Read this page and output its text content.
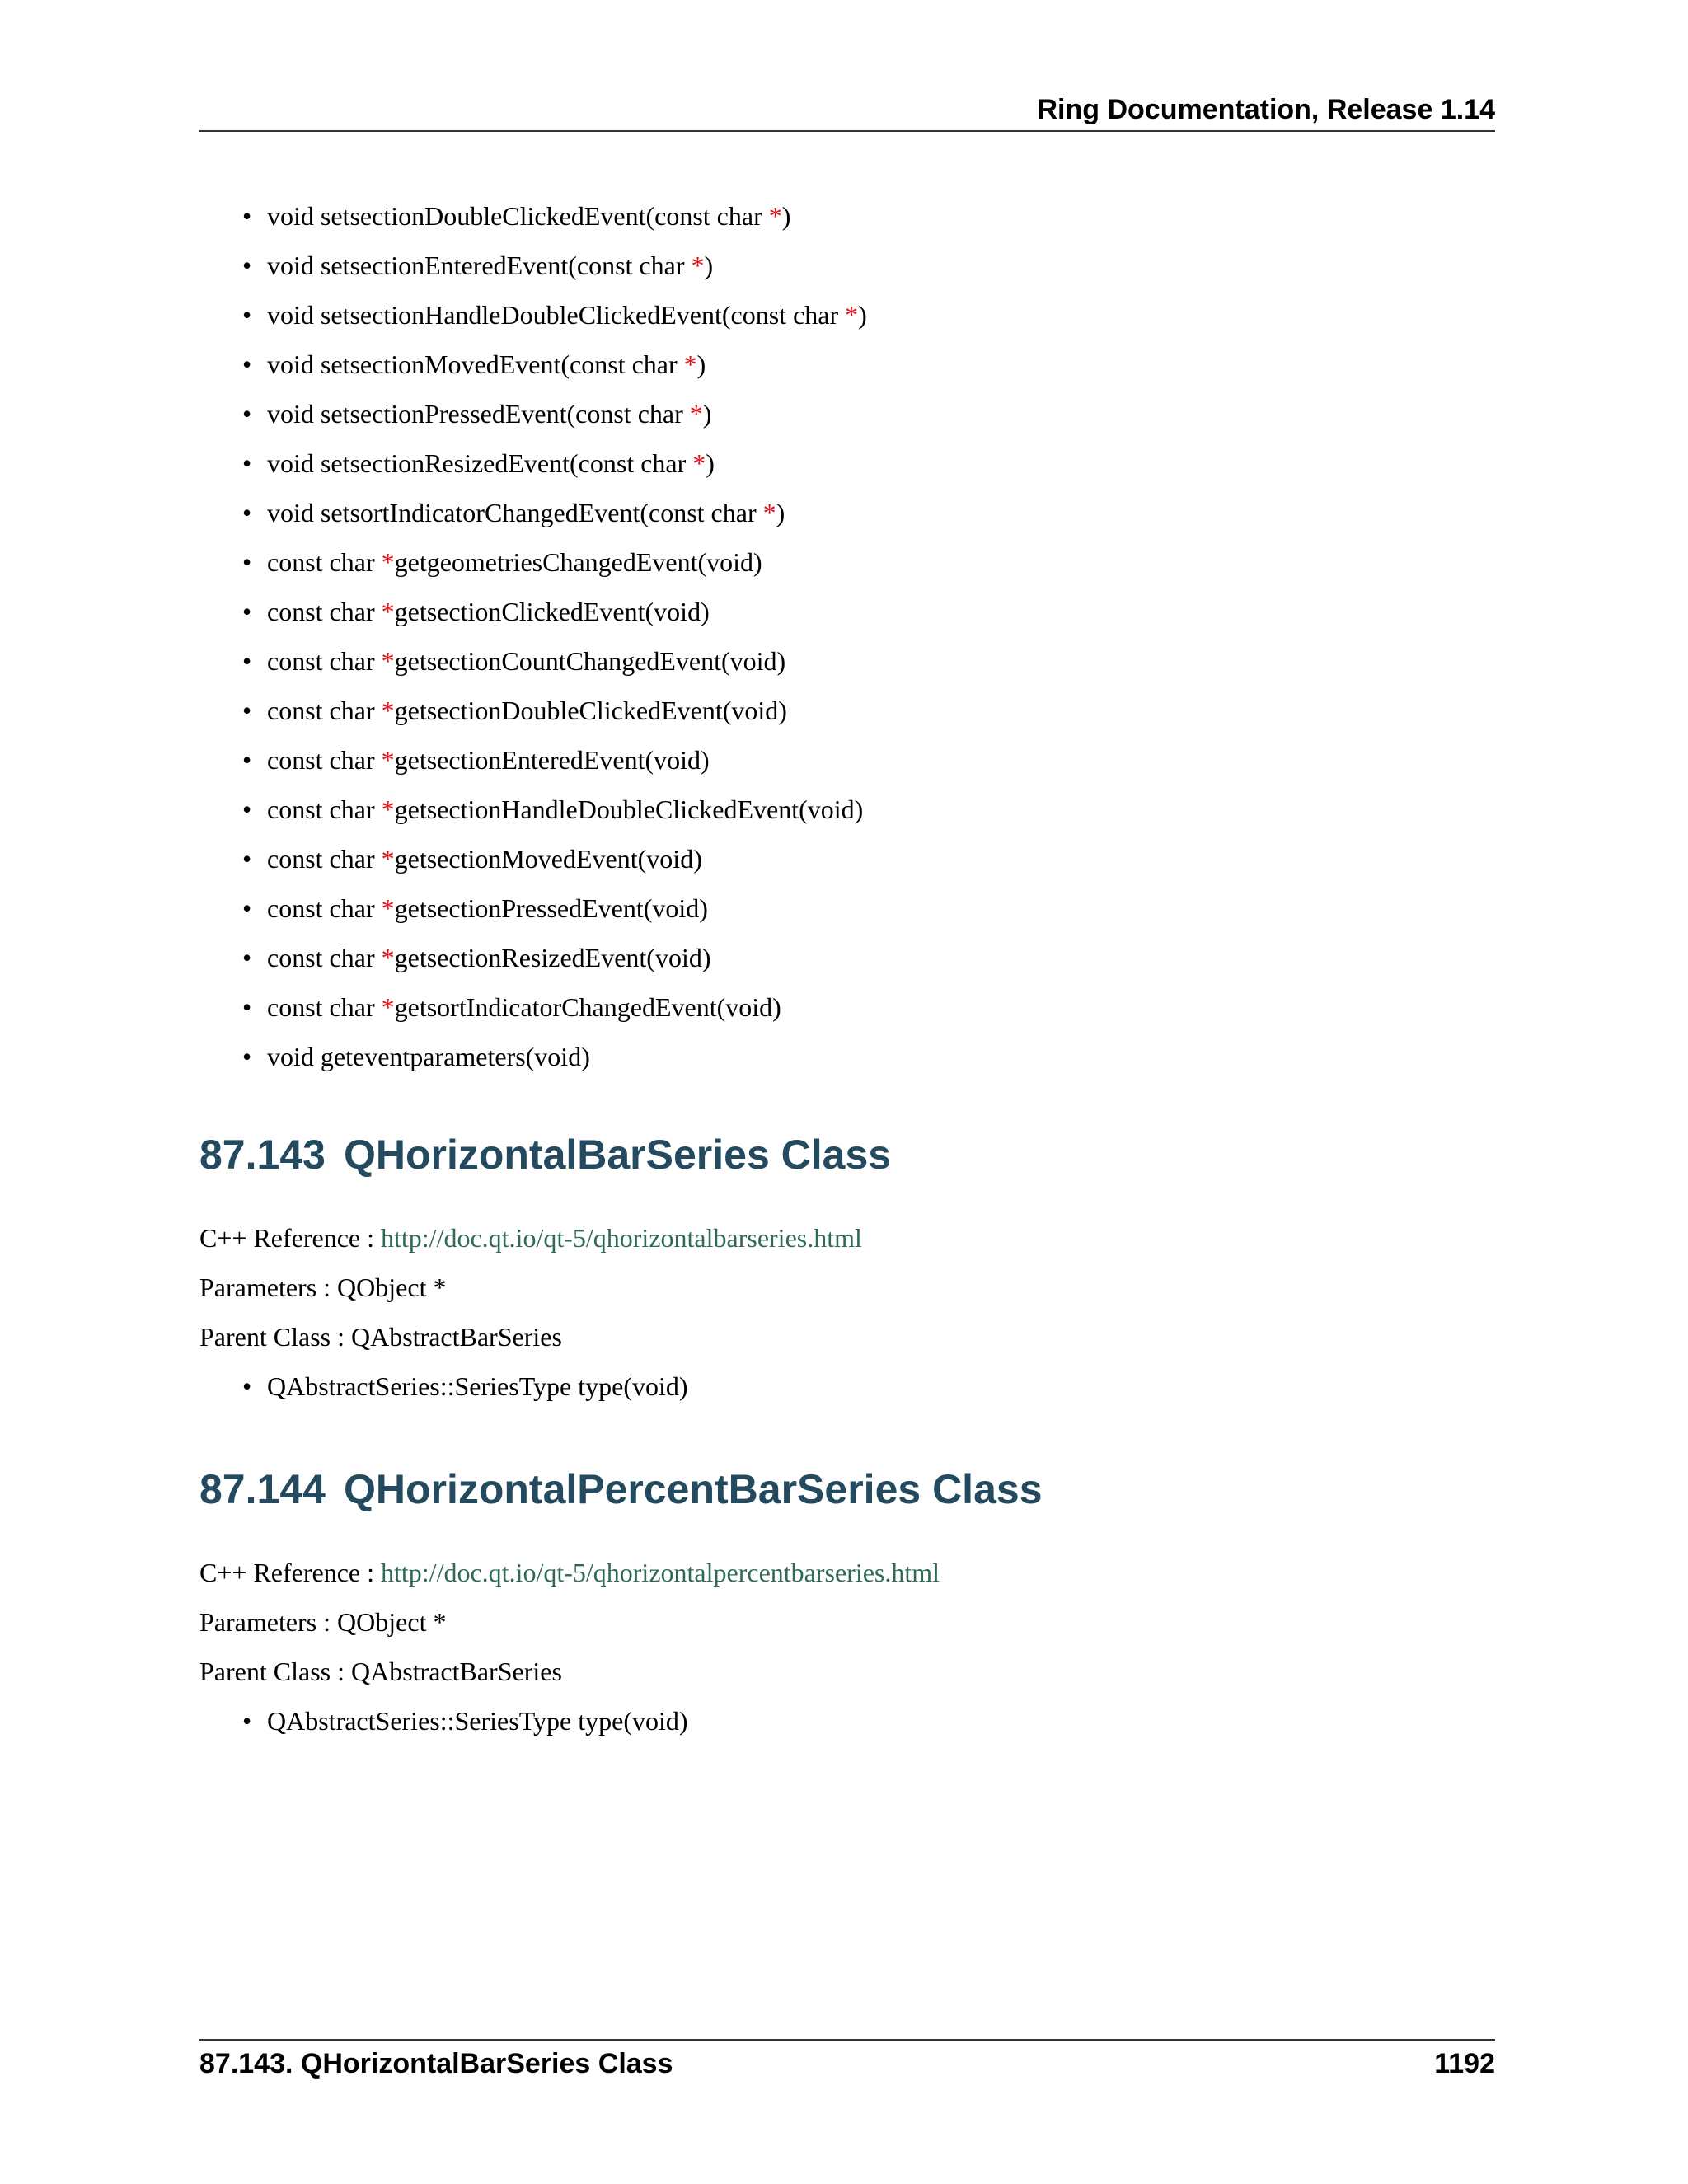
Ring Documentation, Release 1.14
• void setsectionDoubleClickedEvent(const char *)
• void setsectionEnteredEvent(const char *)
• void setsectionHandleDoubleClickedEvent(const char *)
• void setsectionMovedEvent(const char *)
• void setsectionPressedEvent(const char *)
• void setsectionResizedEvent(const char *)
• void setsortIndicatorChangedEvent(const char *)
• const char *getgeometriesChangedEvent(void)
• const char *getsectionClickedEvent(void)
• const char *getsectionCountChangedEvent(void)
• const char *getsectionDoubleClickedEvent(void)
• const char *getsectionEnteredEvent(void)
• const char *getsectionHandleDoubleClickedEvent(void)
• const char *getsectionMovedEvent(void)
• const char *getsectionPressedEvent(void)
• const char *getsectionResizedEvent(void)
• const char *getsortIndicatorChangedEvent(void)
• void geteventparameters(void)
87.143 QHorizontalBarSeries Class
C++ Reference : http://doc.qt.io/qt-5/qhorizontalbarseries.html
Parameters : QObject *
Parent Class : QAbstractBarSeries
• QAbstractSeries::SeriesType type(void)
87.144 QHorizontalPercentBarSeries Class
C++ Reference : http://doc.qt.io/qt-5/qhorizontalpercentbarseries.html
Parameters : QObject *
Parent Class : QAbstractBarSeries
• QAbstractSeries::SeriesType type(void)
87.143. QHorizontalBarSeries Class	1192
